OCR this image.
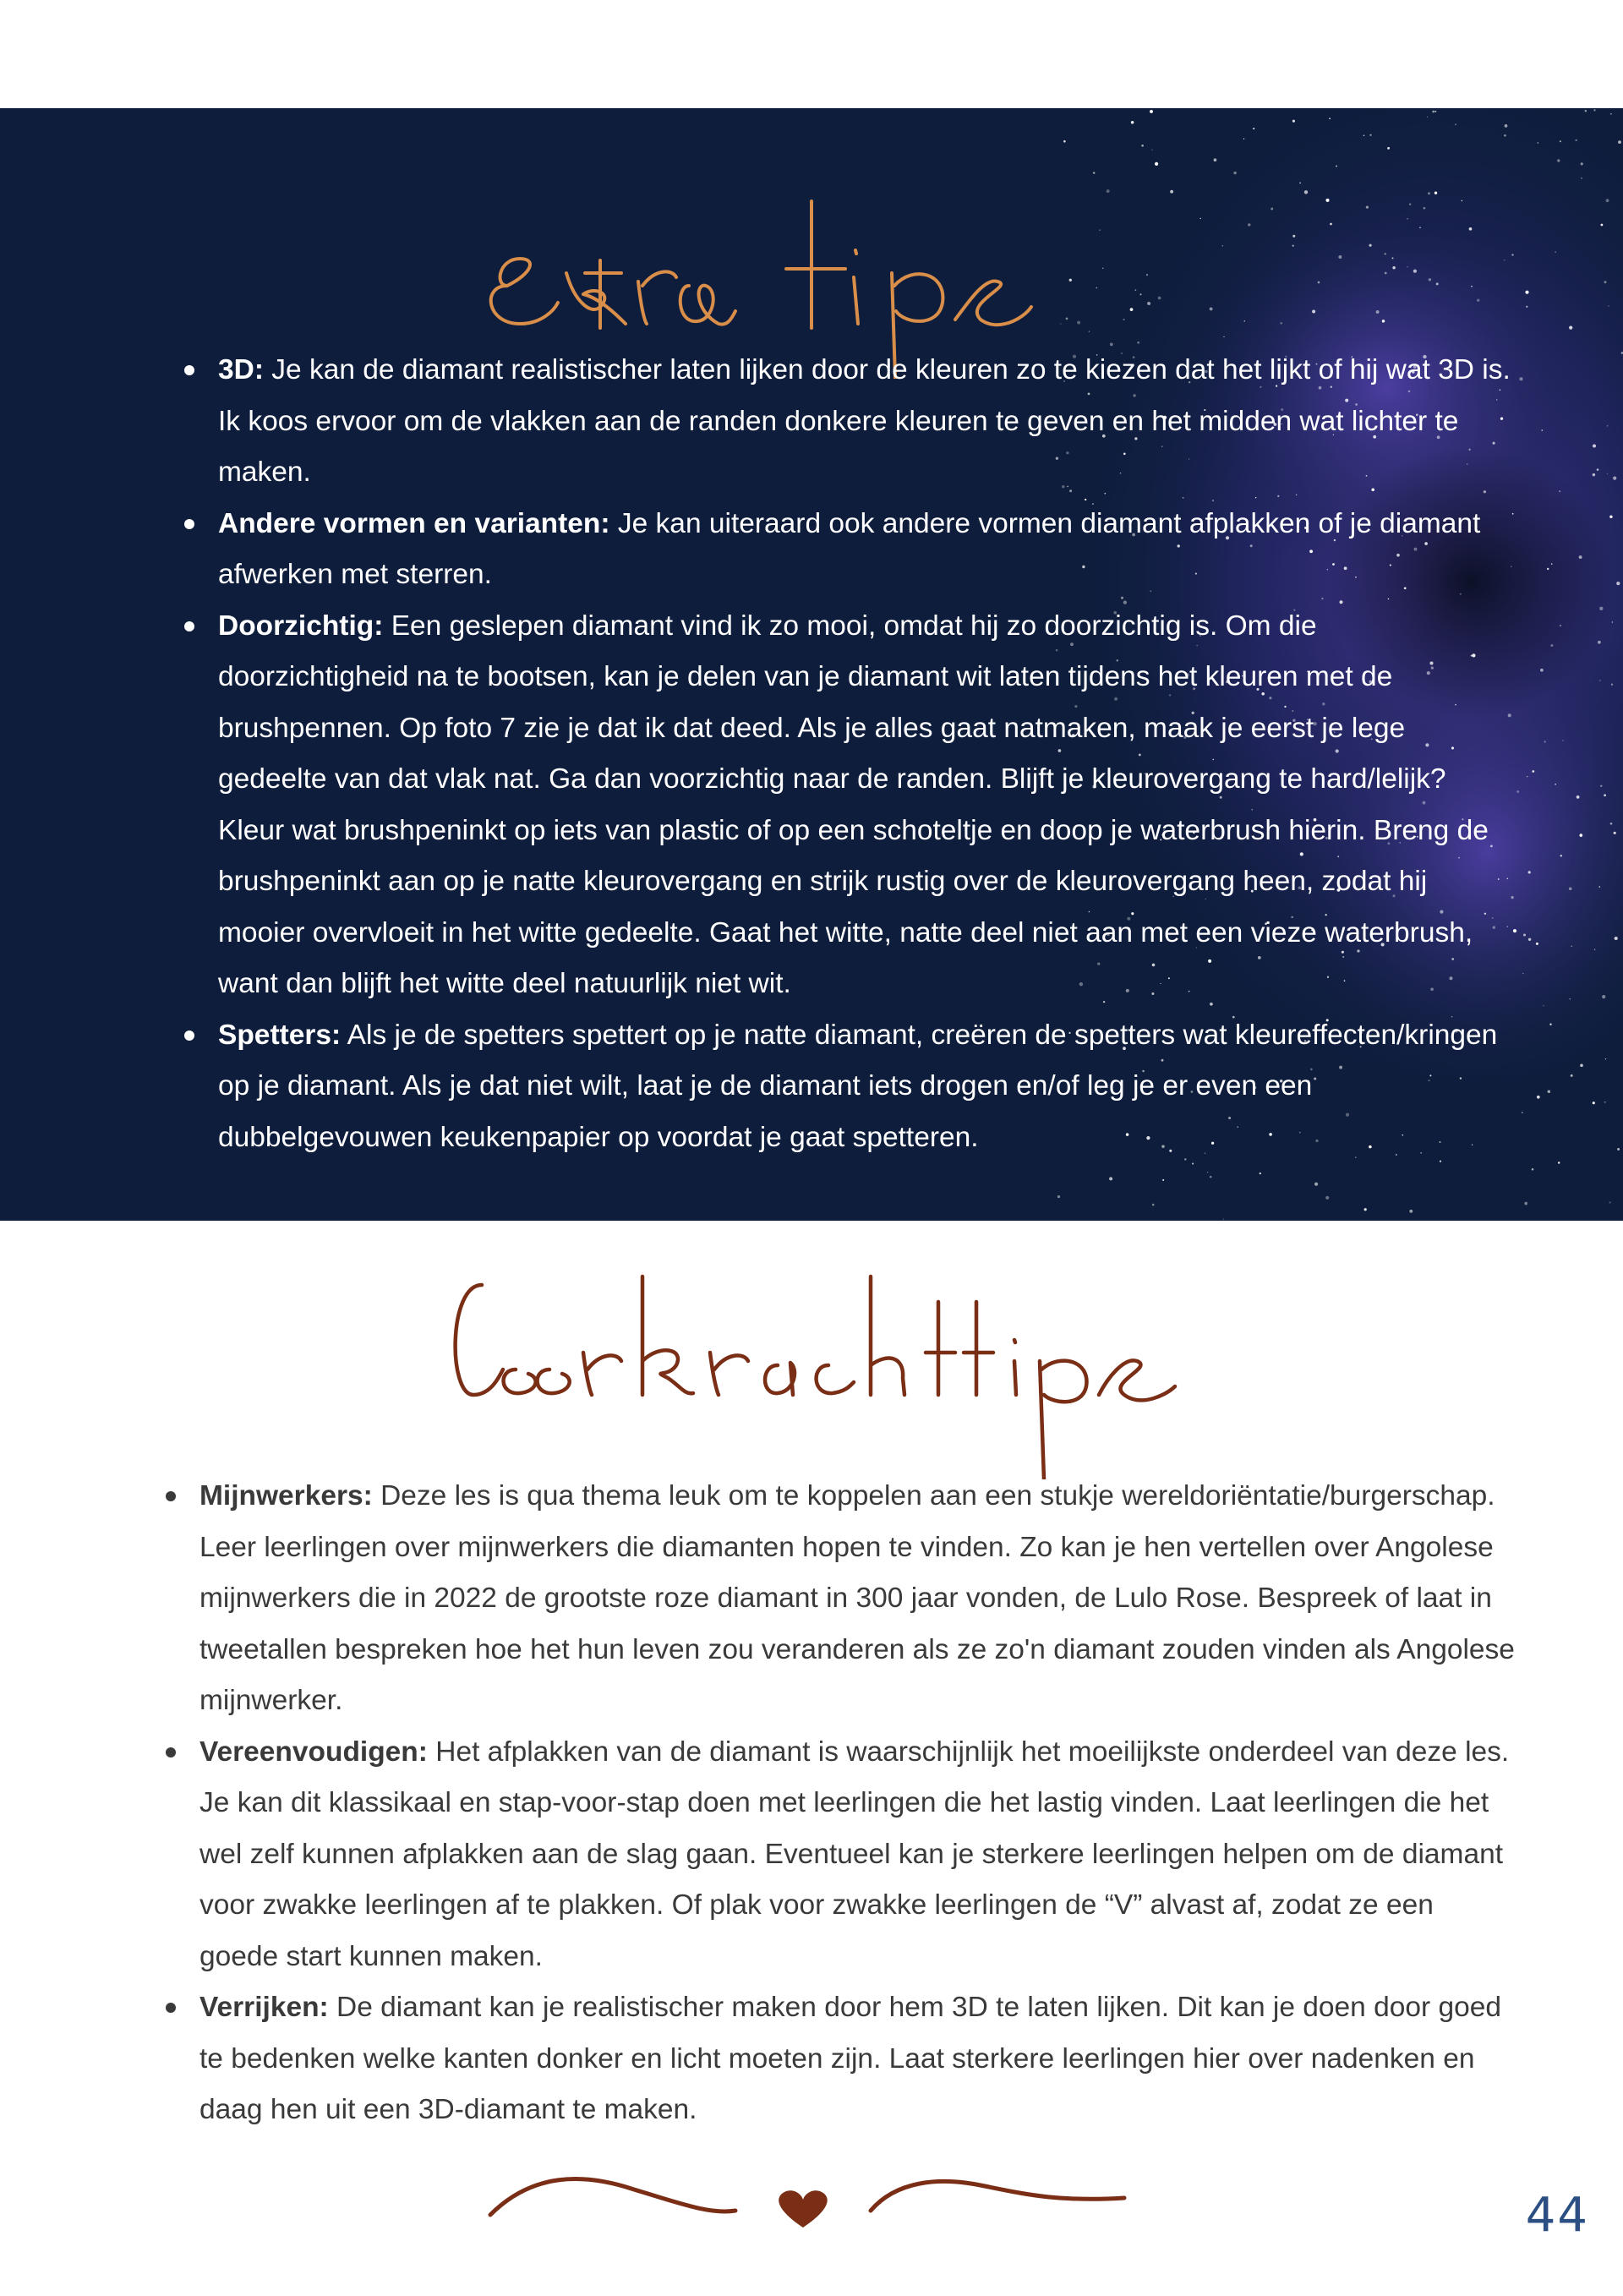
3D: Je kan de diamant realistischer laten lijken door de kleuren zo te kiezen dat het lijkt of hij wat 3D is. Ik koos ervoor om de vlakken aan de randen donkere kleuren te geven en het midden wat lichter te maken.
Andere vormen en varianten: Je kan uiteraard ook andere vormen diamant afplakken of je diamant afwerken met sterren.
Doorzichtig: Een geslepen diamant vind ik zo mooi, omdat hij zo doorzichtig is. Om die doorzichtigheid na te bootsen, kan je delen van je diamant wit laten tijdens het kleuren met de brushpennen. Op foto 7 zie je dat ik dat deed. Als je alles gaat natmaken, maak je eerst je lege gedeelte van dat vlak nat. Ga dan voorzichtig naar de randen. Blijft je kleurovergang te hard/lelijk? Kleur wat brushpeninkt op iets van plastic of op een schoteltje en doop je waterbrush hierin. Breng de brushpeninkt aan op je natte kleurovergang en strijk rustig over de kleurovergang heen, zodat hij mooier overvloeit in het witte gedeelte. Gaat het witte, natte deel niet aan met een vieze waterbrush, want dan blijft het witte deel natuurlijk niet wit.
Spetters: Als je de spetters spettert op je natte diamant, creëren de spetters wat kleureffecten/kringen op je diamant. Als je dat niet wilt, laat je de diamant iets drogen en/of leg je er even een dubbelgevouwen keukenpapier op voordat je gaat spetteren.
Mijnwerkers: Deze les is qua thema leuk om te koppelen aan een stukje wereldoriëntatie/burgerschap. Leer leerlingen over mijnwerkers die diamanten hopen te vinden. Zo kan je hen vertellen over Angolese mijnwerkers die in 2022 de grootste roze diamant in 300 jaar vonden, de Lulo Rose. Bespreek of laat in tweetallen bespreken hoe het hun leven zou veranderen als ze zo'n diamant zouden vinden als Angolese mijnwerker.
Vereenvoudigen: Het afplakken van de diamant is waarschijnlijk het moeilijkste onderdeel van deze les. Je kan dit klassikaal en stap-voor-stap doen met leerlingen die het lastig vinden. Laat leerlingen die het wel zelf kunnen afplakken aan de slag gaan. Eventueel kan je sterkere leerlingen helpen om de diamant voor zwakke leerlingen af te plakken. Of plak voor zwakke leerlingen de “V” alvast af, zodat ze een goede start kunnen maken.
Verrijken: De diamant kan je realistischer maken door hem 3D te laten lijken. Dit kan je doen door goed te bedenken welke kanten donker en licht moeten zijn. Laat sterkere leerlingen hier over nadenken en daag hen uit een 3D-diamant te maken.
44
